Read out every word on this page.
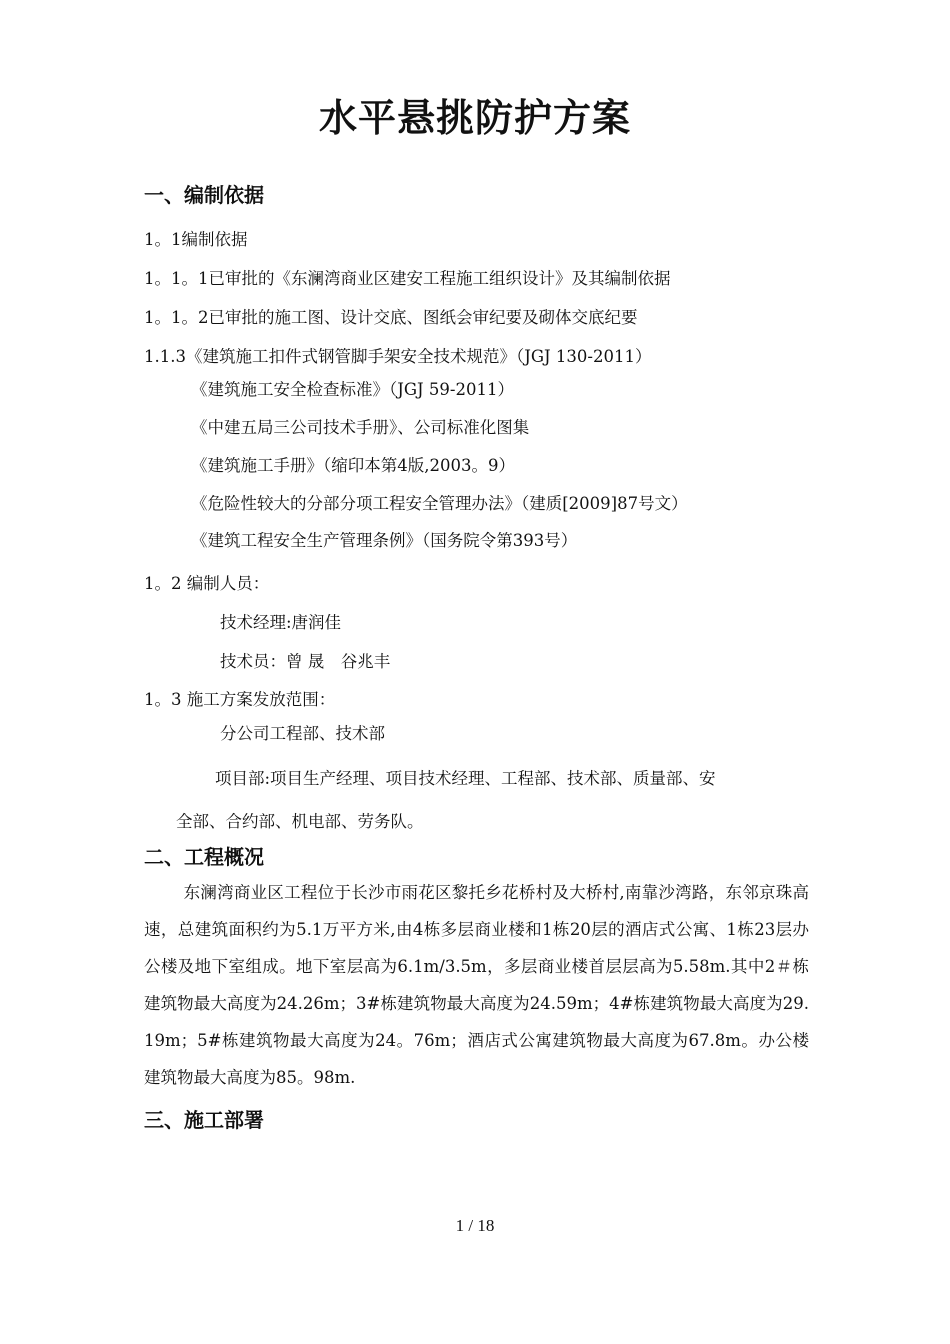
水平悬挑防护方案
一、编制依据

1。1编制依据

1。1。1已审批的《东澜湾商业区建安工程施工组织设计》及其编制依据

1。1。2已审批的施工图、设计交底、图纸会审纪要及砌体交底纪要

1.1.3《建筑施工扣件式钢管脚手架安全技术规范》（JGJ 130-2011）

《建筑施工安全检查标准》（JGJ 59-2011）

《中建五局三公司技术手册》、公司标准化图集

《建筑施工手册》（缩印本第4版,2003。9）

《危险性较大的分部分项工程安全管理办法》（建质[2009]87号文）

《建筑工程安全生产管理条例》（国务院令第393号）

1。2 编制人员：

技术经理:唐润佳

技术员：曾 晟　谷兆丰

1。3 施工方案发放范围：

分公司工程部、技术部

项目部:项目生产经理、项目技术经理、工程部、技术部、质量部、安

全部、合约部、机电部、劳务队。

二、工程概况

东澜湾商业区工程位于长沙市雨花区黎托乡花桥村及大桥村,南靠沙湾路，东邻京珠高速，总建筑面积约为5.1万平方米,由4栋多层商业楼和1栋20层的酒店式公寓、1栋23层办公楼及地下室组成。地下室层高为6.1m/3.5m，多层商业楼首层层高为5.58m.其中2＃栋建筑物最大高度为24.26m；3#栋建筑物最大高度为24.59m；4#栋建筑物最大高度为29.19m；5#栋建筑物最大高度为24。76m；酒店式公寓建筑物最大高度为67.8m。办公楼建筑物最大高度为85。98m.

三、施工部署
1 / 18
